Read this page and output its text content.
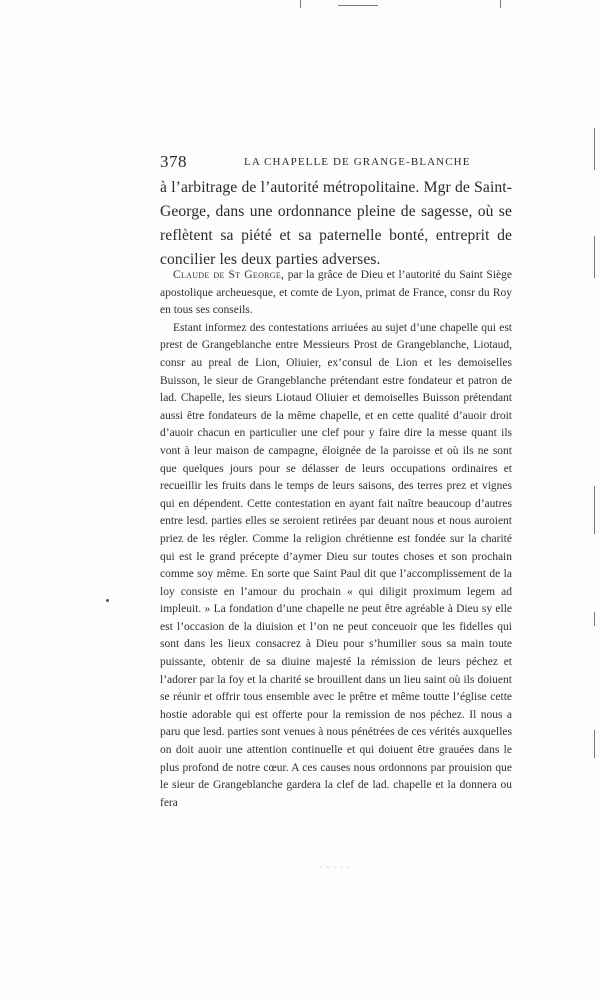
378	LA CHAPELLE DE GRANGE-BLANCHE

à l’arbitrage de l’autorité métropolitaine. Mgr de Saint-George, dans une ordonnance pleine de sagesse, où se reflètent sa piété et sa paternelle bonté, entreprit de concilier les deux parties adverses.

Claude de St George, par la grâce de Dieu et l’autorité du Saint Siège apostolique archeuesque, et comte de Lyon, primat de France, consr du Roy en tous ses conseils.

Estant informez des contestations arriuées au sujet d’une chapelle qui est prest de Grangeblanche entre Messieurs Prost de Grangeblanche, Liotaud, consr au preal de Lion, Oliuier, ex’consul de Lion et les demoiselles Buisson, le sieur de Grangeblanche prétendant estre fondateur et patron de lad. Chapelle, les sieurs Liotaud Oliuier et demoiselles Buisson prétendant aussi être fondateurs de la même chapelle, et en cette qualité d’auoir droit d’auoir chacun en particulier une clef pour y faire dire la messe quant ils vont à leur maison de campagne, éloignée de la paroisse et où ils ne sont que quelques jours pour se délasser de leurs occupations ordinaires et recueillir les fruits dans le temps de leurs saisons, des terres prez et vignes qui en dépendent. Cette contestation en ayant fait naître beaucoup d’autres entre lesd. parties elles se seroient retirées par deuant nous et nous auroient priez de les régler. Comme la religion chrétienne est fondée sur la charité qui est le grand précepte d’aymer Dieu sur toutes choses et son prochain comme soy même. En sorte que Saint Paul dit que l’accomplissement de la loy consiste en l’amour du prochain « qui diligit proximum legem ad impleuit. » La fondation d’une chapelle ne peut être agréable à Dieu sy elle est l’occasion de la diuision et l’on ne peut conceuoir que les fidelles qui sont dans les lieux consacrez à Dieu pour s’humilier sous sa main toute puissante, obtenir de sa diuine majesté la rémission de leurs péchez et l’adorer par la foy et la charité se brouillent dans un lieu saint où ils doiuent se réunir et offrir tous ensemble avec le prêtre et même toutte l’église cette hostie adorable qui est offerte pour la remission de nos péchez. Il nous a paru que lesd. parties sont venues à nous pénétrées de ces vérités auxquelles on doit auoir une attention continuelle et qui doiuent être grauées dans le plus profond de notre cœur. A ces causes nous ordonnons par prouision que le sieur de Grangeblanche gardera la clef de lad. chapelle et la donnera ou fera

· · · · ·
